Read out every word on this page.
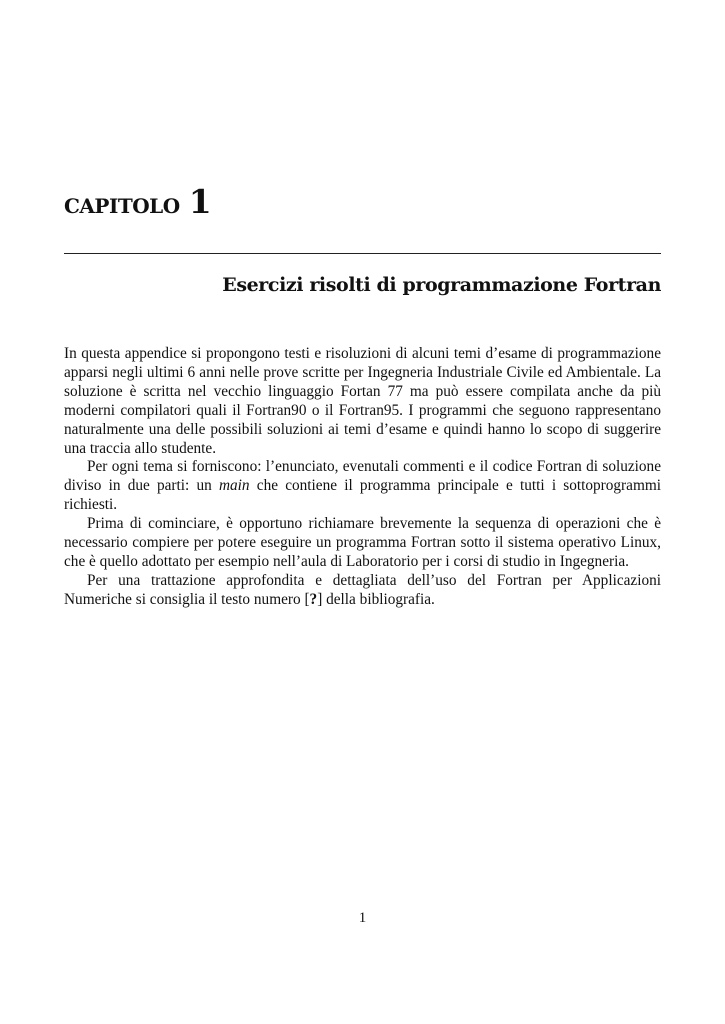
CAPITOLO 1
Esercizi risolti di programmazione Fortran

In questa appendice si propongono testi e risoluzioni di alcuni temi d’esame di programmazione apparsi negli ultimi 6 anni nelle prove scritte per Ingegneria Industriale Civile ed Ambientale. La soluzione è scritta nel vecchio linguaggio Fortan 77 ma può essere compilata anche da più moderni compilatori quali il Fortran90 o il Fortran95. I programmi che seguono rappresentano naturalmente una delle possibili soluzioni ai temi d’esame e quindi hanno lo scopo di suggerire una traccia allo studente.

Per ogni tema si forniscono: l’enunciato, evenutali commenti e il codice Fortran di soluzione diviso in due parti: un main che contiene il programma principale e tutti i sottoprogrammi richiesti.

Prima di cominciare, è opportuno richiamare brevemente la sequenza di operazioni che è necessario compiere per potere eseguire un programma Fortran sotto il sistema operativo Linux, che è quello adottato per esempio nell’aula di Laboratorio per i corsi di studio in Ingegneria.

Per una trattazione approfondita e dettagliata dell’uso del Fortran per Applicazioni Numeriche si consiglia il testo numero [?] della bibliografia.

1
